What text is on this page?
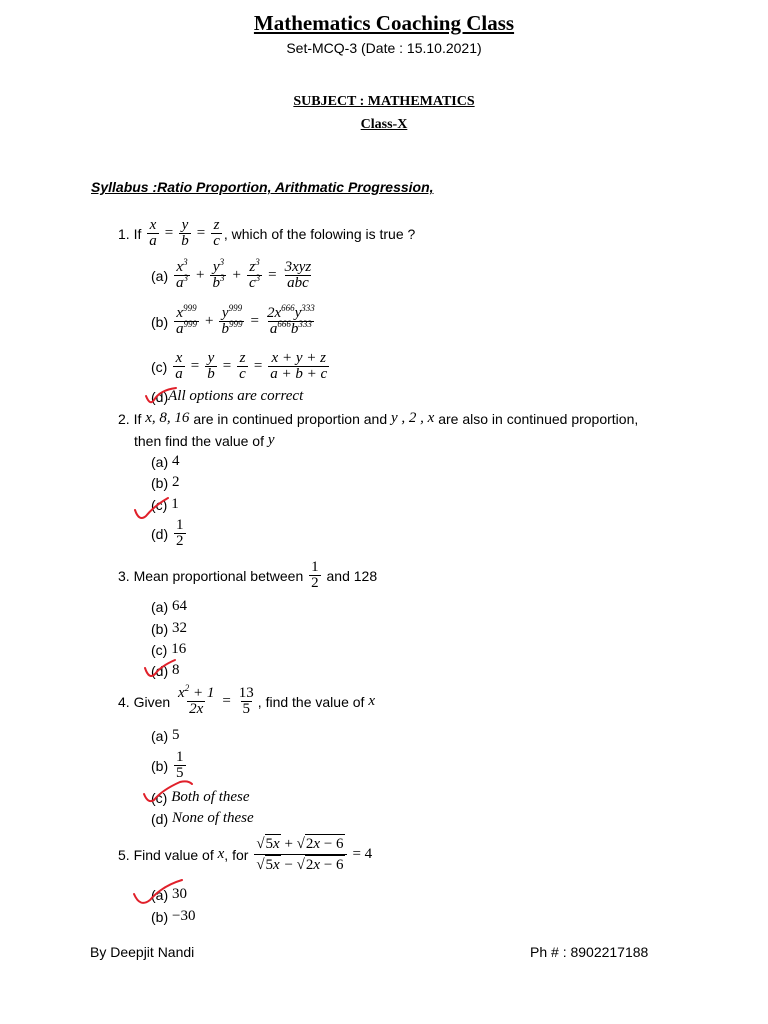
Mathematics Coaching Class
Set-MCQ-3 (Date : 15.10.2021)
SUBJECT : MATHEMATICS
Class-X
Syllabus :Ratio Proportion, Arithmatic Progression,
1. If
$\frac{x}{a} = \frac{y}{b} = \frac{z}{c}$ , which of the folowing is true ?
(a)
$\frac{x^3}{a^3} + \frac{y^3}{b^3} + \frac{z^3}{c^3} = \frac{\text{3xyz}}{\text{abc}}$
(b)
$\frac{x^{999}}{a^{999}} + \frac{y^{999}}{b^{999}} = \frac{2x^{666}y^{333}}{a^{666}b^{333}}$
(c)
$\frac{x}{a} = \frac{y}{b} = \frac{z}{c} = \frac{x + y + z}{a + b + c}$
(d) All options are correct
2. If
x, 8, 16
are in continued proportion and
y , 2 , x
are also in continued proportion,
then find the value of
y
(a)
4
(b)
2
(c)
1
(d)
$\frac{1}{2}$
3. Mean proportional between
$\frac{1}{2}$
and 128
(a)
64
(b)
32
(c)
16
(d)
8
4. Given
$\frac{x^2 + 1}{2x} = \frac{13}{5}$ , find the value of
x
(a)
5
(b)
$\frac{1}{5}$
(c)
Both of these
(d)
None of these
5. Find value of
x , for
$\frac{√5x + √2x - 6}{√5x - √2x - 6}$
= 4
(a)
30
(b)
−30
By Deepjit Nandi	Ph # : 8902217188
